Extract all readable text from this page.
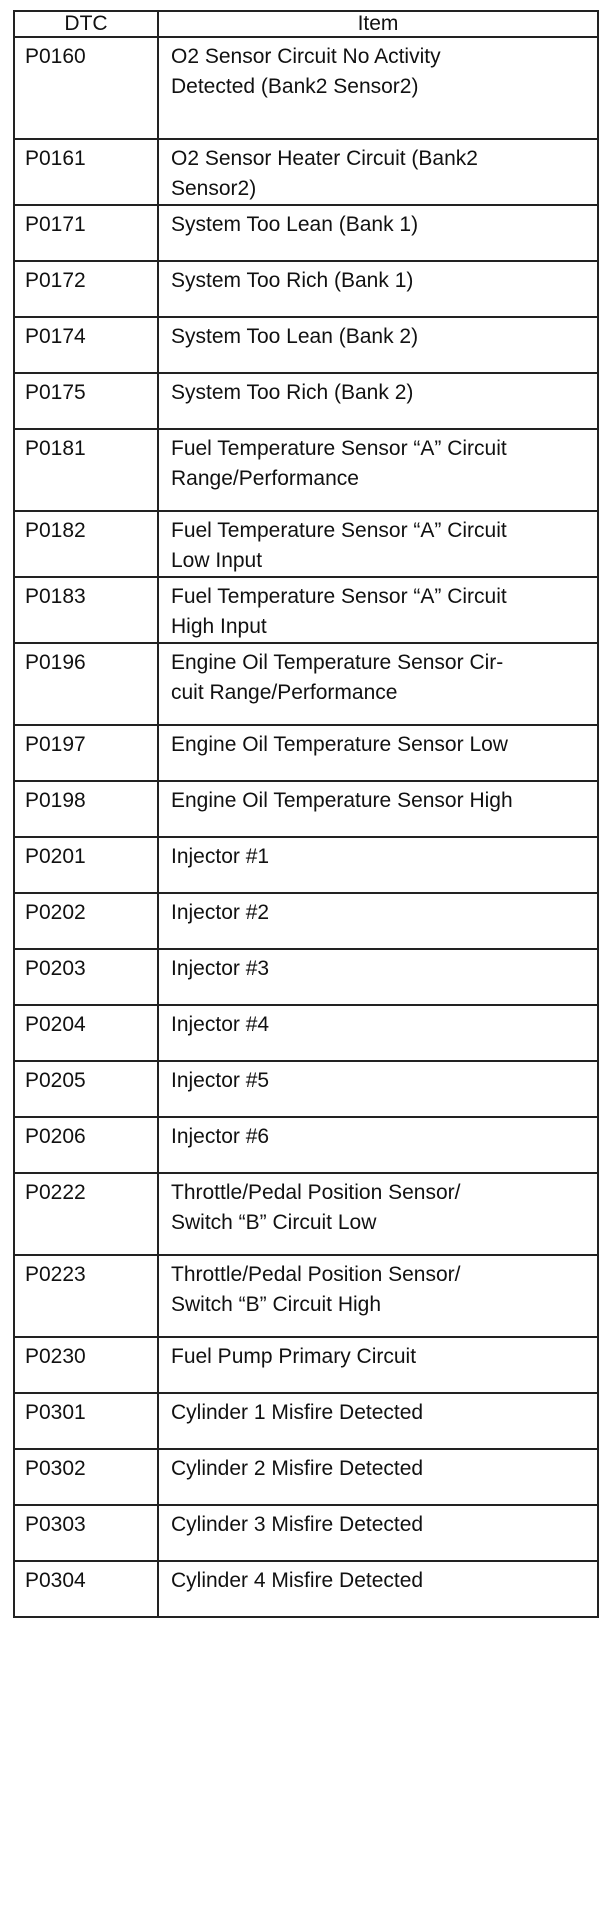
DTC	Item

P0160	O2 Sensor Circuit No Activity
Detected (Bank2 Sensor2)

P0161	O2 Sensor Heater Circuit (Bank2
Sensor2)

P0171	System Too Lean (Bank 1)

P0172	System Too Rich (Bank 1)

P0174	System Too Lean (Bank 2)

P0175	System Too Rich (Bank 2)

P0181	Fuel Temperature Sensor “A” Circuit
Range/Performance

P0182	Fuel Temperature Sensor “A” Circuit
Low Input

P0183	Fuel Temperature Sensor “A” Circuit
High Input

P0196	Engine Oil Temperature Sensor Cir-
cuit Range/Performance

P0197	Engine Oil Temperature Sensor Low

P0198	Engine Oil Temperature Sensor High

P0201	Injector #1

P0202	Injector #2

P0203	Injector #3

P0204	Injector #4

P0205	Injector #5

P0206	Injector #6

P0222	Throttle/Pedal Position Sensor/
Switch “B” Circuit Low

P0223	Throttle/Pedal Position Sensor/
Switch “B” Circuit High

P0230	Fuel Pump Primary Circuit

P0301	Cylinder 1 Misfire Detected

P0302	Cylinder 2 Misfire Detected

P0303	Cylinder 3 Misfire Detected

P0304	Cylinder 4 Misfire Detected
